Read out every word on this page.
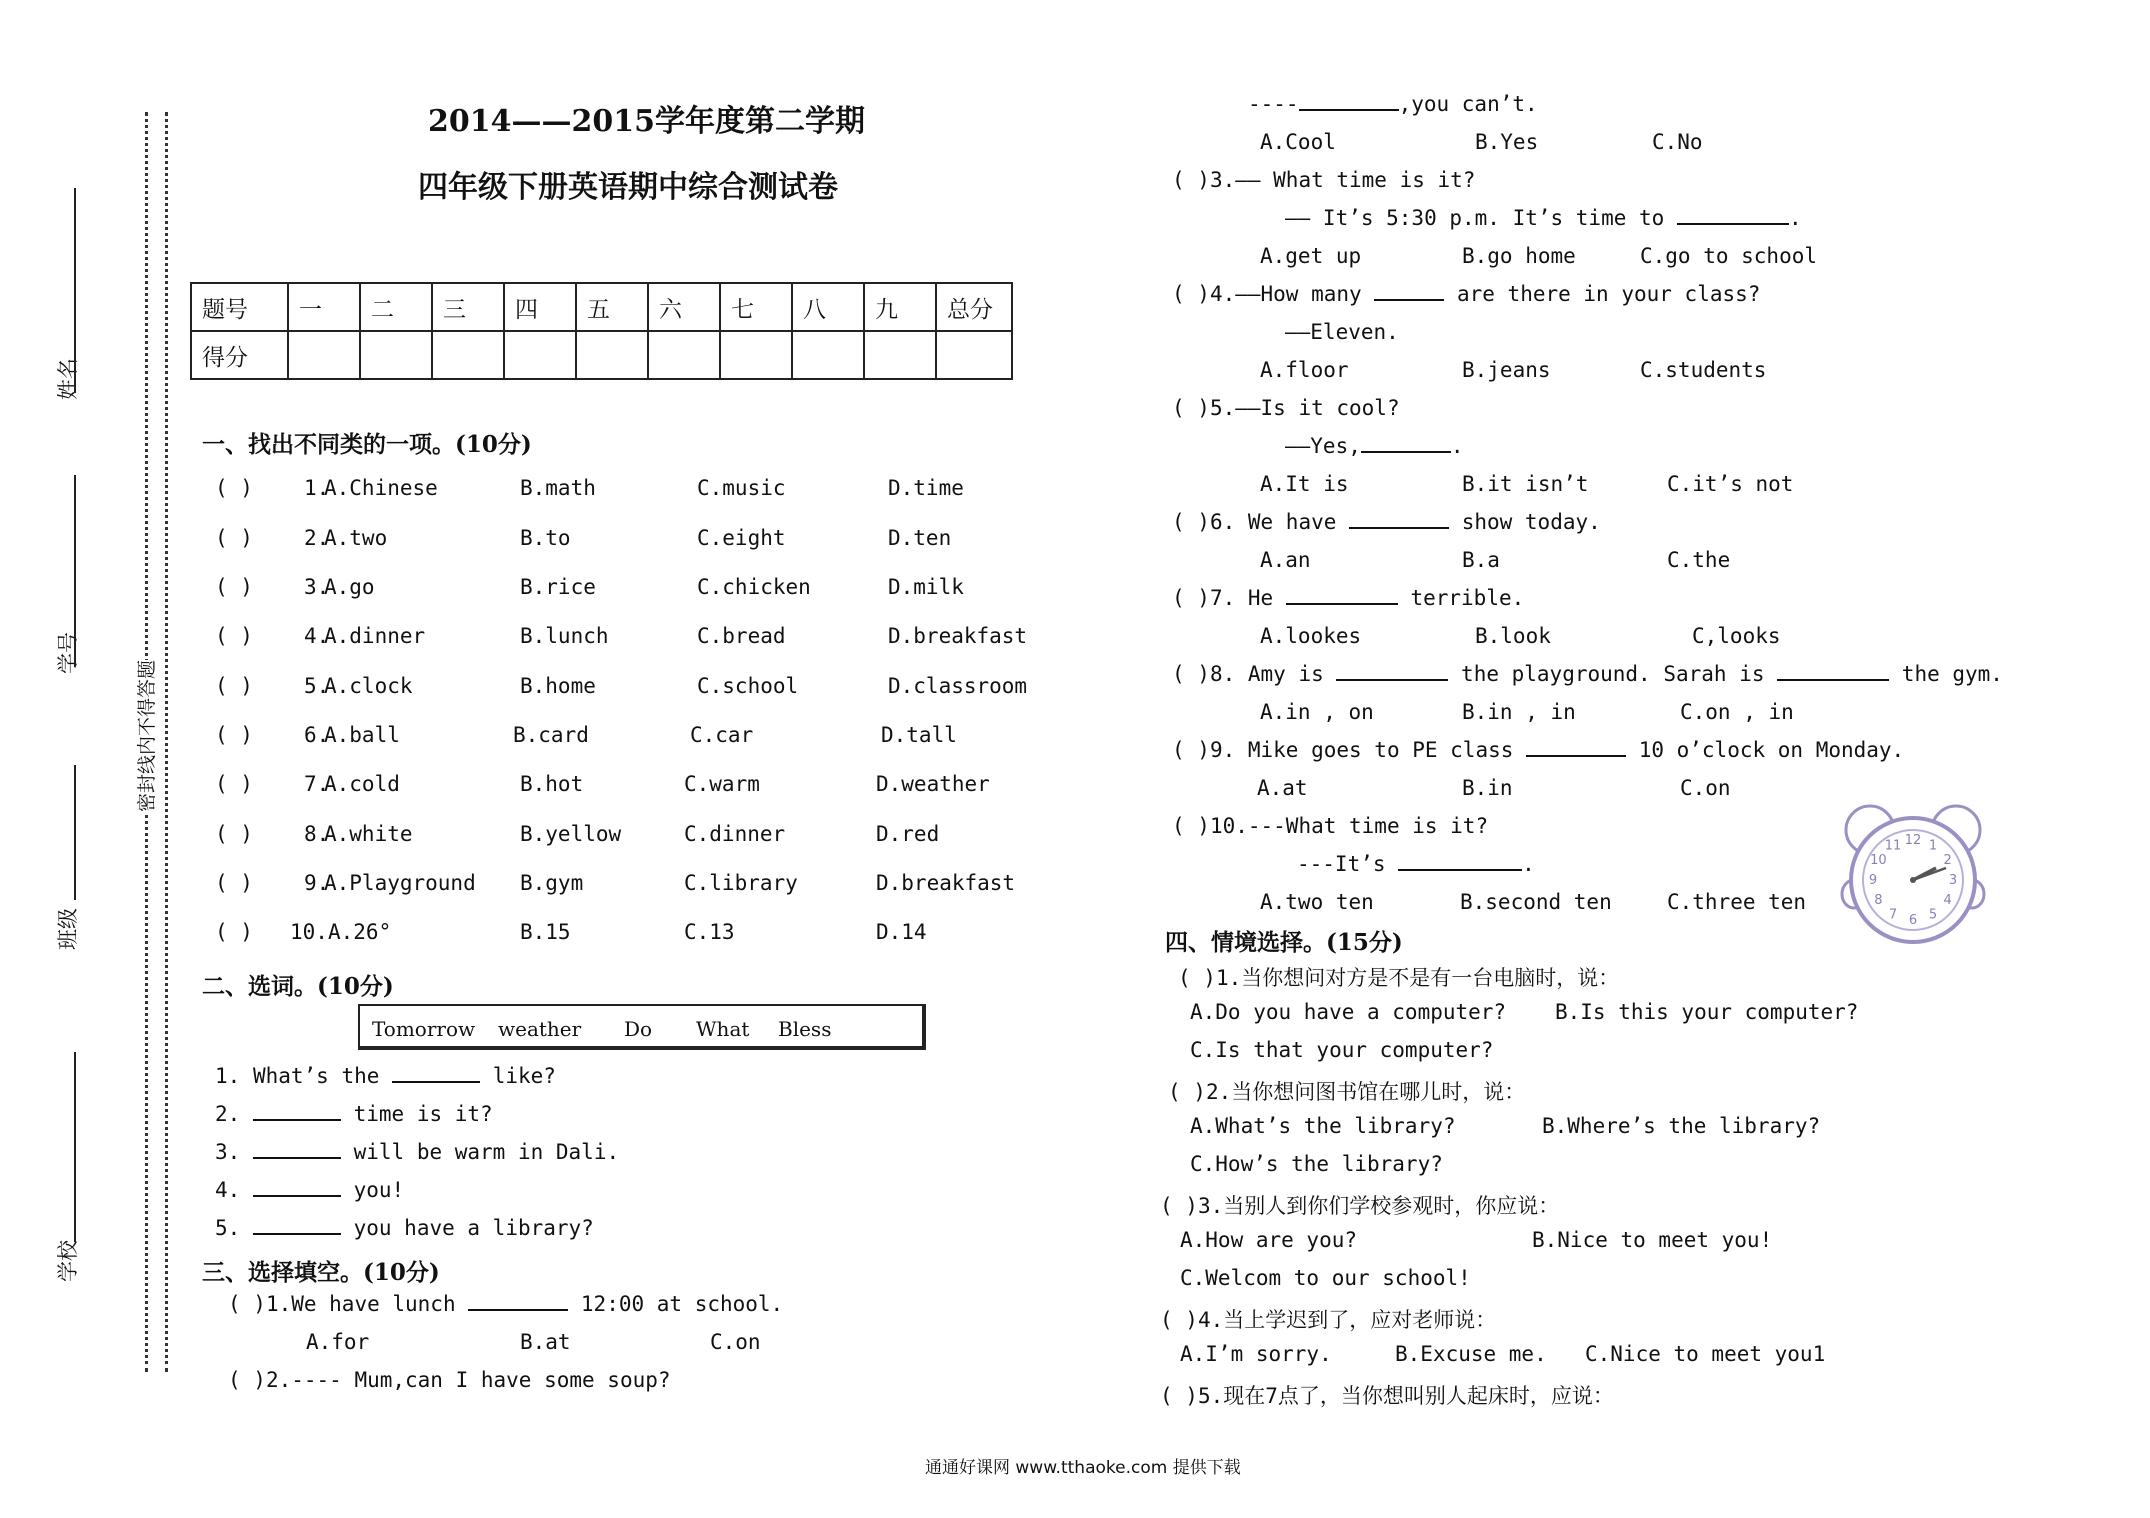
姓名
学号
班级
学校
密封线内不得答题
2014——2015学年度第二学期
四年级下册英语期中综合测试卷
题号	一	二	三	四	五	六	七	八	九	总分
得分										
一、找出不同类的一项。(10分)
( ) 1.
A.Chinese	B.math	C.music	D.time
( ) 2.
A.two	B.to	C.eight	D.ten
( ) 3.
A.go	B.rice	C.chicken	D.milk
( ) 4.
A.dinner	B.lunch	C.bread	D.breakfast
( ) 5.
A.clock	B.home	C.school	D.classroom
( ) 6.
A.ball	B.card	C.car	D.tall
( ) 7.
A.cold	B.hot	C.warm	D.weather
( ) 8.
A.white	B.yellow	C.dinner	D.red
( ) 9.
A.Playground B.gym	C.library	D.breakfast
( ) 10. A.26°	B.15	C.13	D.14
二、选词。(10分)
Tomorrow weather Do What Bless
1. What’s the	like?
2.	time is it?
3.	will be warm in Dali.
4.	you!
5.	you have a library?
三、选择填空。(10分)
( )1.We have lunch	12:00 at school.
A.for	B.at	C.on
( )2.---- Mum,can I have some soup?
----	,you can’t.
A.Cool	B.Yes	C.No
( )3.—— What time is it?
—— It’s 5:30 p.m. It’s time to	.
A.get up	B.go home	C.go to school
( )4.——How many	are there in your class?
——Eleven.
A.floor	B.jeans	C.students
( )5.——Is it cool?
——Yes,	.
A.It is	B.it isn’t	C.it’s not
( )6. We have	show today.
A.an	B.a	C.the
( )7. He	terrible.
A.lookes	B.look	C,looks
( )8. Amy is	the playground. Sarah is	the gym.
A.in , on	B.in , in	C.on , in
( )9. Mike goes to PE class	10 o’clock on Monday.
A.at	B.in	C.on
( )10.---What time is it?
---It’s	.
A.two ten	B.second ten	C.three ten
12 1
2
3
4
5
6
7
8
9
10
11
四、情境选择。(15分)
( )1.当你想问对方是不是有一台电脑时，说：
A.Do you have a computer? B.Is this your computer?
C.Is that your computer?
( )2.当你想问图书馆在哪儿时，说：
A.What’s the library?	B.Where’s the library?
C.How’s the library?
( )3.当别人到你们学校参观时，你应说：
A.How are you?	B.Nice to meet you!
C.Welcom to our school!
( )4.当上学迟到了，应对老师说：
A.I’m sorry.	B.Excuse me. C.Nice to meet you1
( )5.现在7点了，当你想叫别人起床时，应说：
通通好课网 www.tthaoke.com 提供下载
